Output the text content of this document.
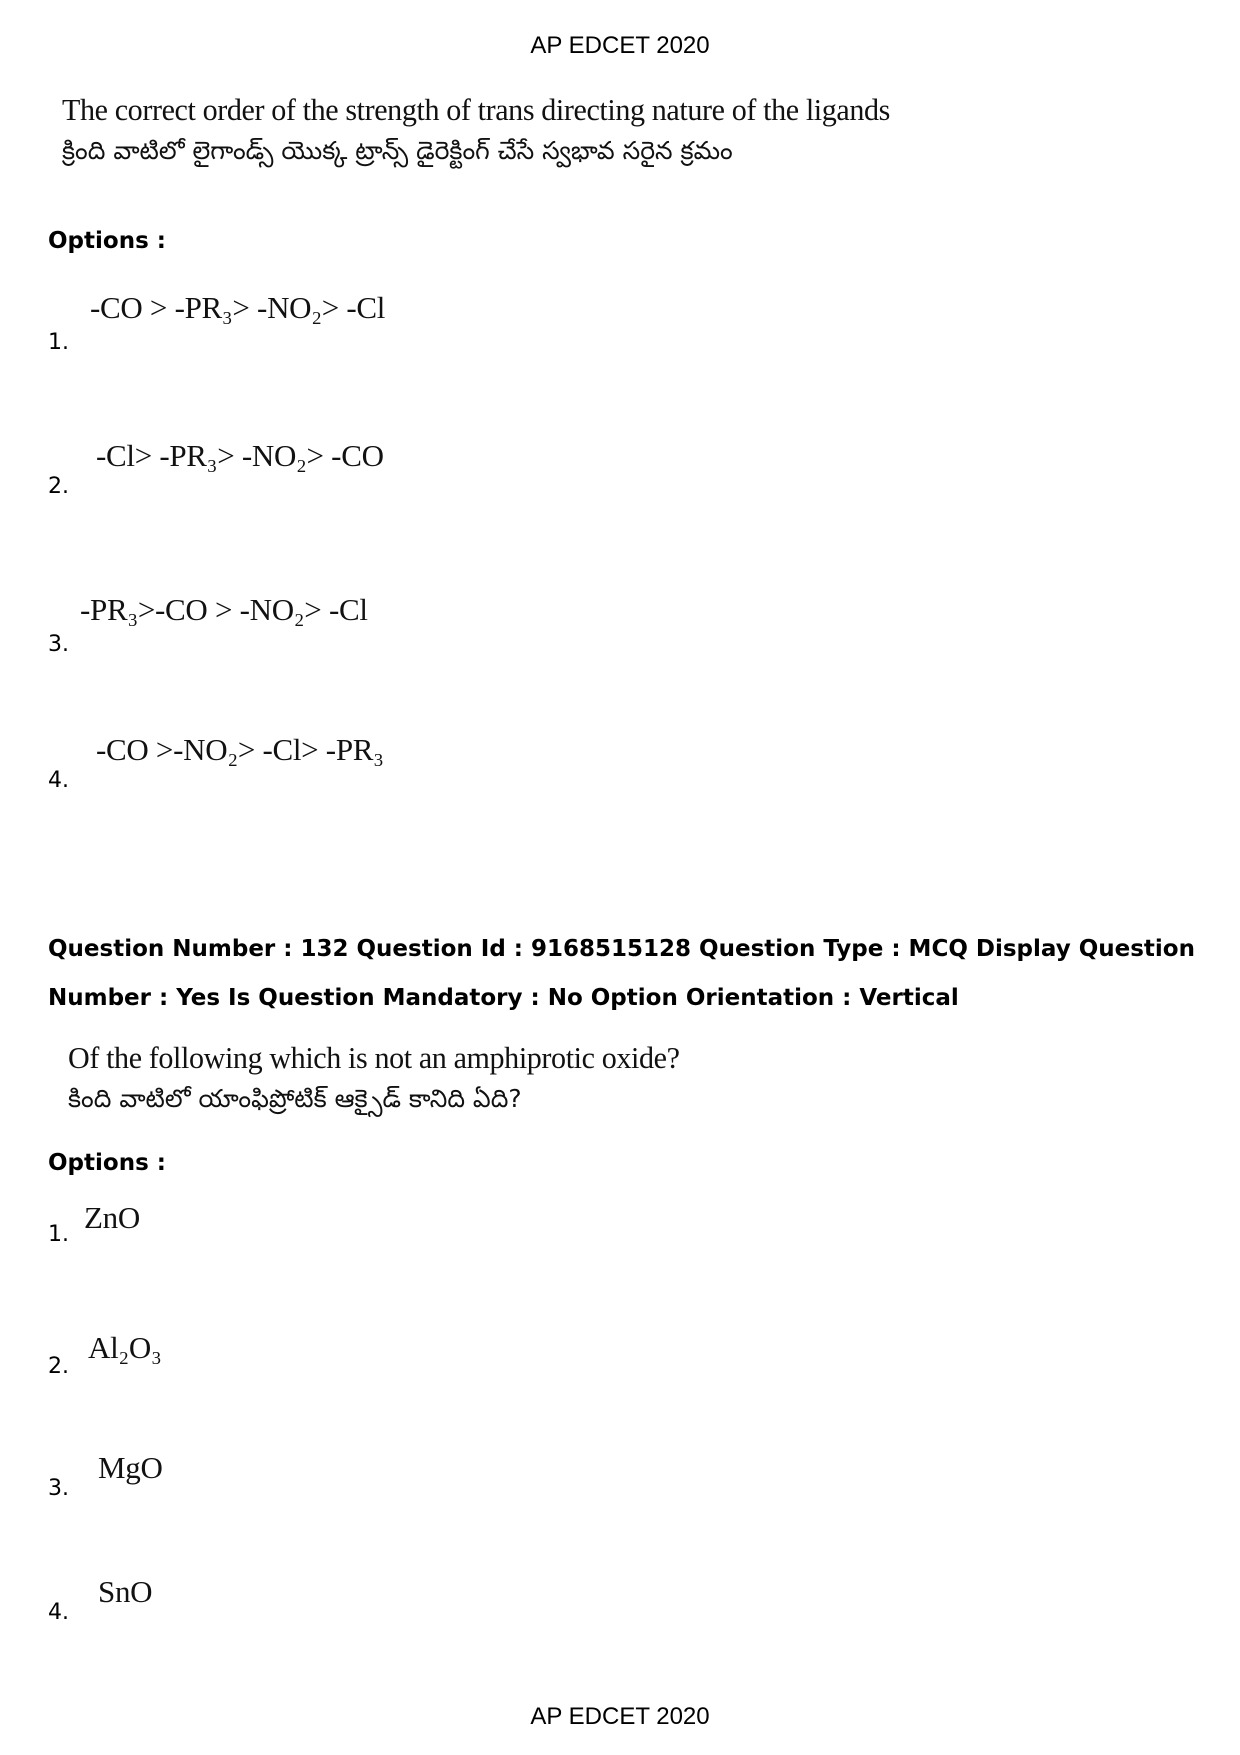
AP EDCET 2020
The correct order of the strength of trans directing nature of the ligands
క్రింది వాటిలో లైగాండ్స్ యొక్క ట్రాన్స్ డైరెక్టింగ్ చేసే స్వభావ సరైన క్రమం
Options :
1.
-CO > -PR₃> -NO₂> -Cl
2.
-Cl> -PR₃> -NO₂> -CO
3.
-PR₃>-CO > -NO₂> -Cl
4.
-CO >-NO₂> -Cl> -PR₃
Question Number : 132 Question Id : 9168515128 Question Type : MCQ Display Question
Number : Yes Is Question Mandatory : No Option Orientation : Vertical
Of the following which is not an amphiprotic oxide?
కింది వాటిలో యాంఫిప్రోటిక్ ఆక్సైడ్ కానిది ఏది?
Options :
1. ZnO
2.
Al₂O₃
3.
MgO
4.
SnO
AP EDCET 2020
